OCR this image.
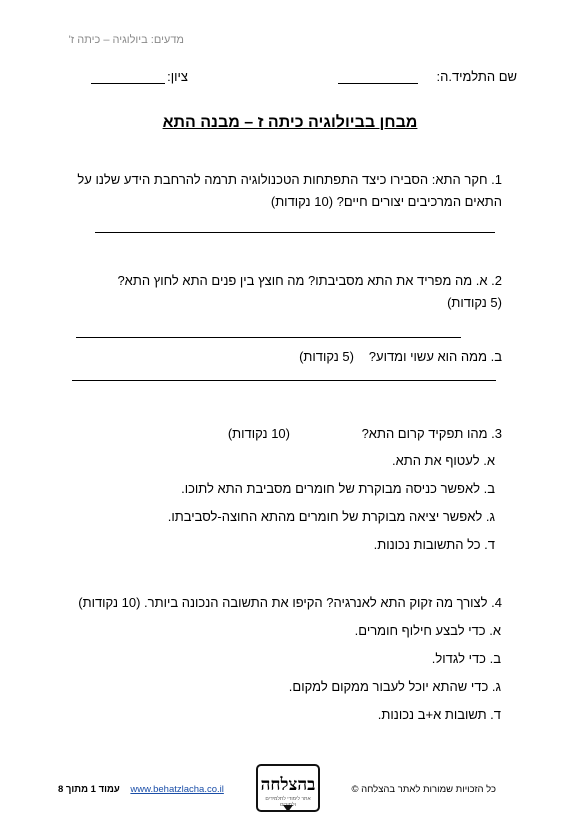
מדעים: ביולוגיה – כיתה ז'
שם התלמיד.ה:
ציון:
מבחן בביולוגיה כיתה ז – מבנה התא
1. חקר התא: הסבירו כיצד התפתחות הטכנולוגיה תרמה להרחבת הידע שלנו על
התאים המרכיבים יצורים חיים? (10 נקודות)
2. א. מה מפריד את התא מסביבתו? מה חוצץ בין פנים התא לחוץ התא?
(5 נקודות)
ב. ממה הוא עשוי ומדוע?
(5 נקודות)
3. מהו תפקיד קרום התא?
(10 נקודות)
א. לעטוף את התא.
ב. לאפשר כניסה מבוקרת של חומרים מסביבת התא לתוכו.
ג. לאפשר יציאה מבוקרת של חומרים מהתא החוצה-לסביבתו.
ד. כל התשובות נכונות.
4. לצורך מה זקוק התא לאנרגיה? הקיפו את התשובה הנכונה ביותר. (10 נקודות)
א. כדי לבצע חילוף חומרים.
ב. כדי לגדול.
ג. כדי שהתא יוכל לעבור ממקום למקום.
ד. תשובות א+ב נכונות.
עמוד 1 מתוך 8 www.behatzlacha.co.il בהצלחה
אתר לימודי לתלמידים ולמורים
כל הזכויות שמורות לאתר בהצלחה ©
